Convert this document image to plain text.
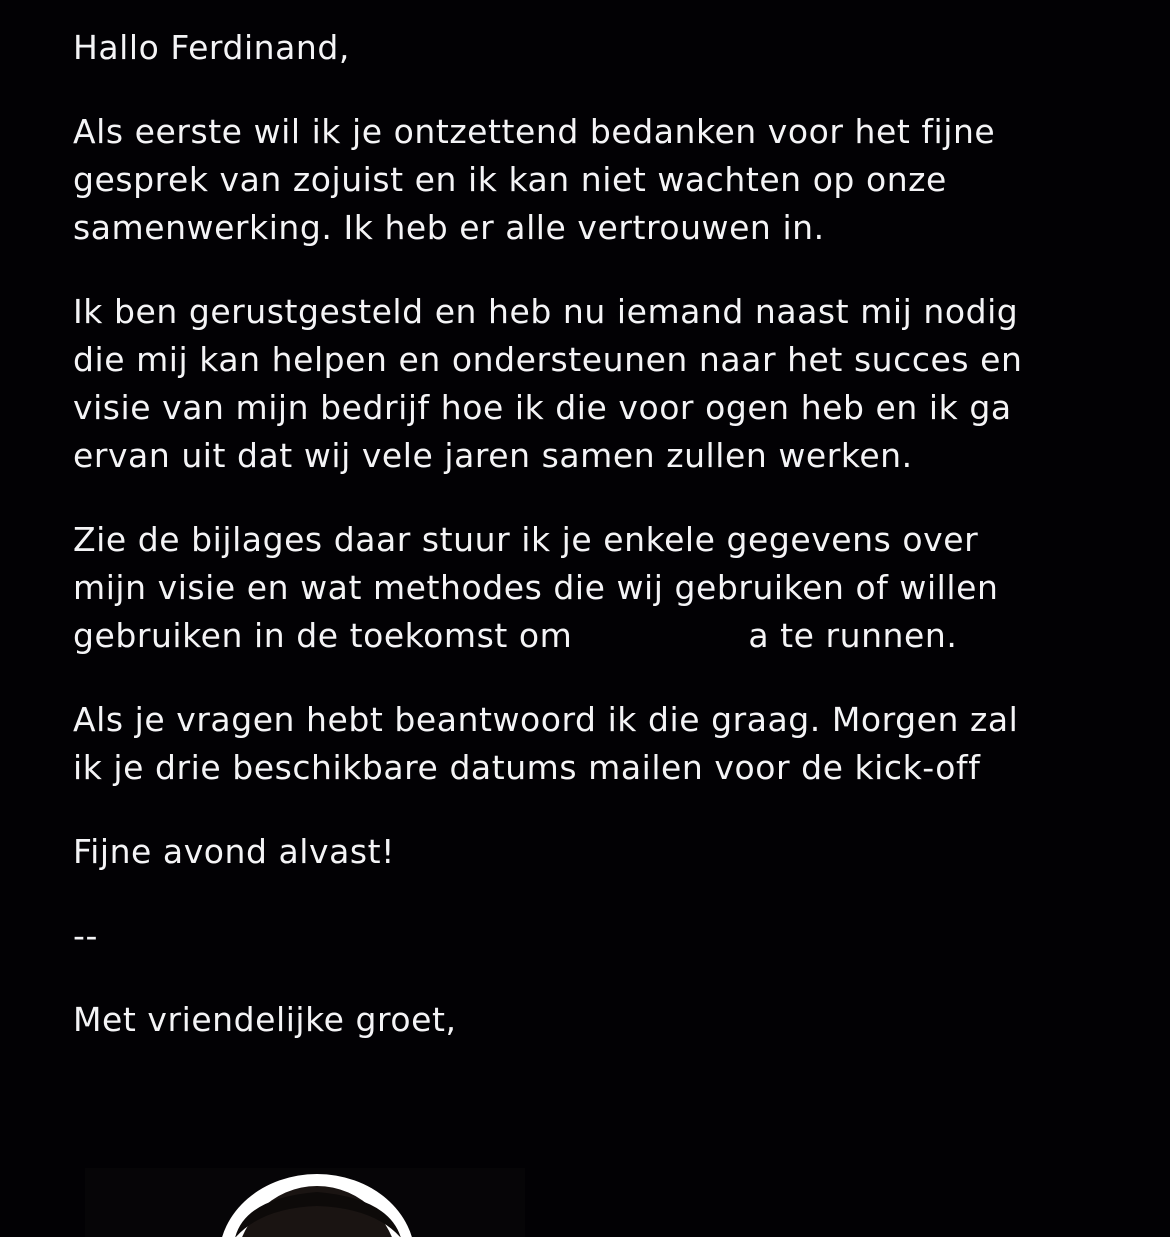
Hallo Ferdinand,

Als eerste wil ik je ontzettend bedanken voor het fijne
gesprek van zojuist en ik kan niet wachten op onze
samenwerking. Ik heb er alle vertrouwen in.

Ik ben gerustgesteld en heb nu iemand naast mij nodig
die mij kan helpen en ondersteunen naar het succes en
visie van mijn bedrijf hoe ik die voor ogen heb en ik ga
ervan uit dat wij vele jaren samen zullen werken.

Zie de bijlages daar stuur ik je enkele gegevens over
mijn visie en wat methodes die wij gebruiken of willen
gebruiken in de toekomst om	a te runnen.

Als je vragen hebt beantwoord ik die graag. Morgen zal
ik je drie beschikbare datums mailen voor de kick-off

Fijne avond alvast!

--

Met vriendelijke groet,
